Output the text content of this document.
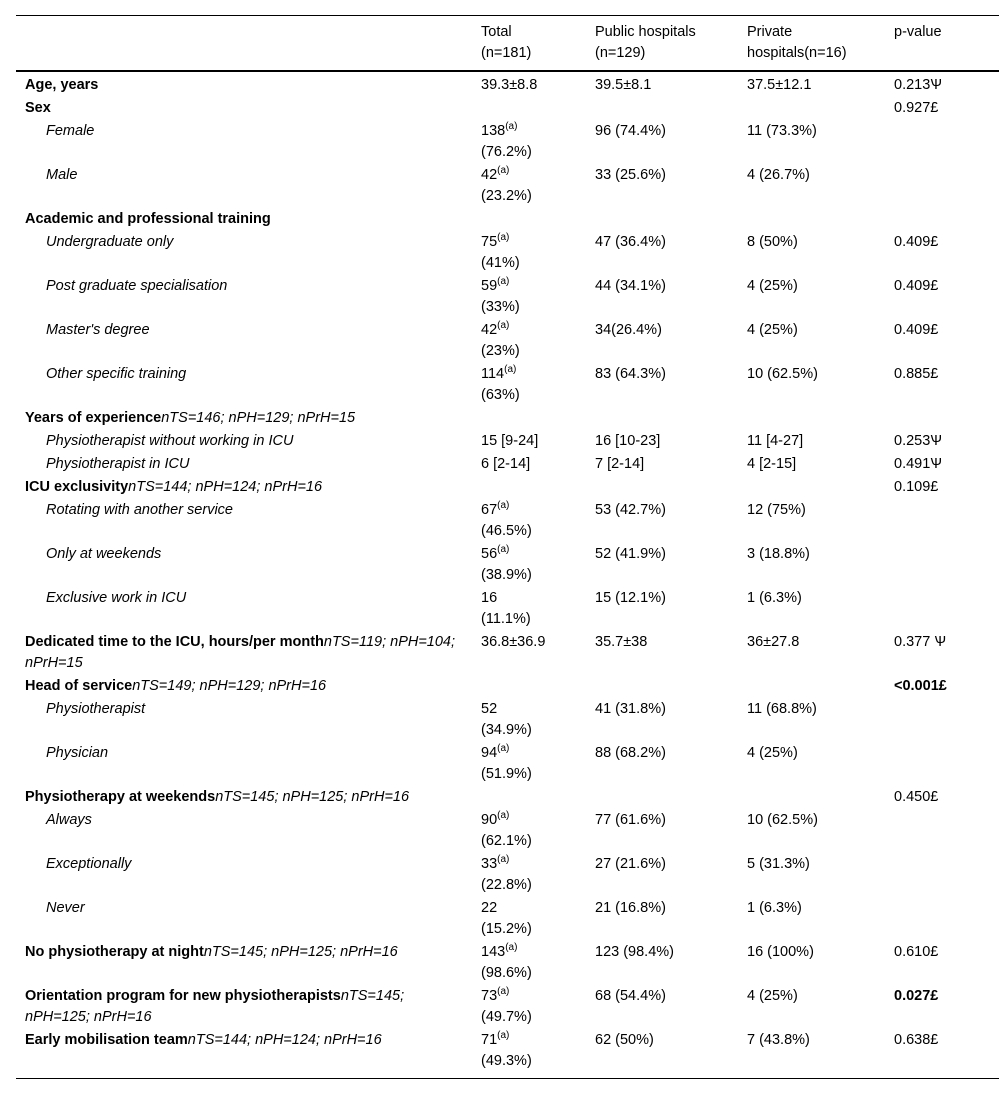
	Total
(n=181)	Public hospitals
(n=129)	Private
hospitals(n=16)	p-value
Age, years	39.3±8.8	39.5±8.1	37.5±12.1	0.213Ѱ
Sex				0.927£
Female	138$^{(a)}$
(76.2%)	96 (74.4%)	11 (73.3%)	
Male	42$^{(a)}$
(23.2%)	33 (25.6%)	4 (26.7%)	
Academic and professional training				
Undergraduate only	75$^{(a)}$
(41%)	47 (36.4%)	8 (50%)	0.409£
Post graduate specialisation	59$^{(a)}$
(33%)	44 (34.1%)	4 (25%)	0.409£
Master's degree	42$^{(a)}$
(23%)	34(26.4%)	4 (25%)	0.409£
Other specific training	114$^{(a)}$
(63%)	83 (64.3%)	10 (62.5%)	0.885£
Years of experiencenTS=146; nPH=129; nPrH=15				
Physiotherapist without working in ICU	15 [9-24]	16 [10-23]	11 [4-27]	0.253Ѱ
Physiotherapist in ICU	6 [2-14]	7 [2-14]	4 [2-15]	0.491Ѱ
ICU exclusivitynTS=144; nPH=124; nPrH=16				0.109£
Rotating with another service	67$^{(a)}$
(46.5%)	53 (42.7%)	12 (75%)	
Only at weekends	56$^{(a)}$
(38.9%)	52 (41.9%)	3 (18.8%)	
Exclusive work in ICU	16
(11.1%)	15 (12.1%)	1 (6.3%)	
Dedicated time to the ICU, hours/per monthnTS=119; nPH=104; nPrH=15	36.8±36.9	35.7±38	36±27.8	0.377 Ѱ
Head of servicenTS=149; nPH=129; nPrH=16				<0.001£
Physiotherapist	52
(34.9%)	41 (31.8%)	11 (68.8%)	
Physician	94$^{(a)}$
(51.9%)	88 (68.2%)	4 (25%)	
Physiotherapy at weekendsnTS=145; nPH=125; nPrH=16				0.450£
Always	90$^{(a)}$
(62.1%)	77 (61.6%)	10 (62.5%)	
Exceptionally	33$^{(a)}$
(22.8%)	27 (21.6%)	5 (31.3%)	
Never	22
(15.2%)	21 (16.8%)	1 (6.3%)	
No physiotherapy at nightnTS=145; nPH=125; nPrH=16	143$^{(a)}$
(98.6%)	123 (98.4%)	16 (100%)	0.610£
Orientation program for new physiotherapistsnTS=145; nPH=125; nPrH=16	73$^{(a)}$
(49.7%)	68 (54.4%)	4 (25%)	0.027£
Early mobilisation teamnTS=144; nPH=124; nPrH=16	71$^{(a)}$
(49.3%)	62 (50%)	7 (43.8%)	0.638£
